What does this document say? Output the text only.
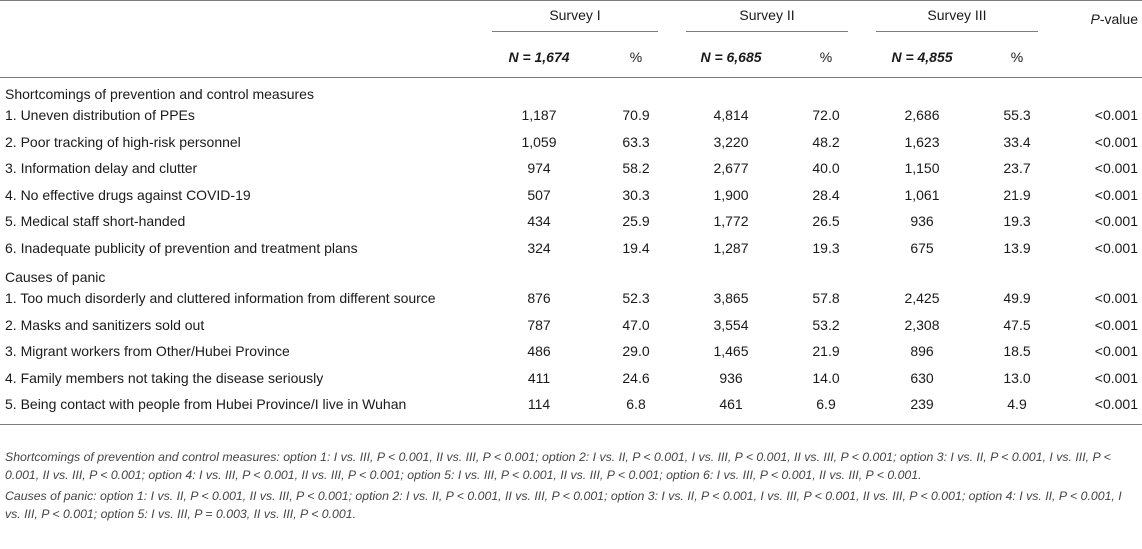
	Survey I		Survey II		Survey III		P-value
	N = 1,674	%	N = 6,685	%	N = 4,855	%	
Shortcomings of prevention and control measures							
1. Uneven distribution of PPEs	1,187	70.9	4,814	72.0	2,686	55.3	<0.001
2. Poor tracking of high-risk personnel	1,059	63.3	3,220	48.2	1,623	33.4	<0.001
3. Information delay and clutter	974	58.2	2,677	40.0	1,150	23.7	<0.001
4. No effective drugs against COVID-19	507	30.3	1,900	28.4	1,061	21.9	<0.001
5. Medical staff short-handed	434	25.9	1,772	26.5	936	19.3	<0.001
6. Inadequate publicity of prevention and treatment plans	324	19.4	1,287	19.3	675	13.9	<0.001
Causes of panic							
1. Too much disorderly and cluttered information from different source	876	52.3	3,865	57.8	2,425	49.9	<0.001
2. Masks and sanitizers sold out	787	47.0	3,554	53.2	2,308	47.5	<0.001
3. Migrant workers from Other/Hubei Province	486	29.0	1,465	21.9	896	18.5	<0.001
4. Family members not taking the disease seriously	411	24.6	936	14.0	630	13.0	<0.001
5. Being contact with people from Hubei Province/I live in Wuhan	114	6.8	461	6.9	239	4.9	<0.001

Shortcomings of prevention and control measures: option 1: I vs. III, P < 0.001, II vs. III, P < 0.001; option 2: I vs. II, P < 0.001, I vs. III, P < 0.001, II vs. III, P < 0.001; option 3: I vs. II, P < 0.001, I vs. III, P < 0.001, II vs. III, P < 0.001; option 4: I vs. III, P < 0.001, II vs. III, P < 0.001; option 5: I vs. III, P < 0.001, II vs. III, P < 0.001; option 6: I vs. III, P < 0.001, II vs. III, P < 0.001.

Causes of panic: option 1: I vs. II, P < 0.001, II vs. III, P < 0.001; option 2: I vs. II, P < 0.001, II vs. III, P < 0.001; option 3: I vs. II, P < 0.001, I vs. III, P < 0.001, II vs. III, P < 0.001; option 4: I vs. II, P < 0.001, I vs. III, P < 0.001; option 5: I vs. III, P = 0.003, II vs. III, P < 0.001.
